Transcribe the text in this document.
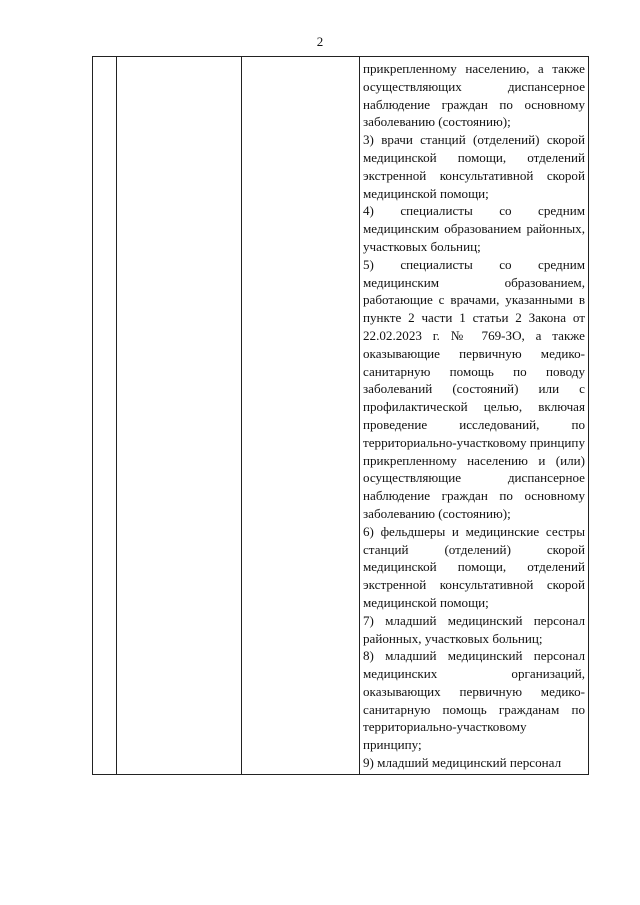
2

прикрепленному населению, а также осуществляющих диспансерное наблюдение граждан по основному заболеванию (состоянию);

3) врачи станций (отделений) скорой медицинской помощи, отделений экстренной консультативной скорой медицинской помощи;

4) специалисты со средним медицинским образованием районных, участковых больниц;

5) специалисты со средним медицинским образованием, работающие с врачами, указанными в пункте 2 части 1 статьи 2 Закона от 22.02.2023 г. № 769-ЗО, а также оказывающие первичную медико-санитарную помощь по поводу заболеваний (состояний) или с профилактической целью, включая проведение исследований, по территориально-участковому принципу прикрепленному населению и (или) осуществляющие диспансерное наблюдение граждан по основному заболеванию (состоянию);

6) фельдшеры и медицинские сестры станций (отделений) скорой медицинской помощи, отделений экстренной консультативной скорой медицинской помощи;

7) младший медицинский персонал районных, участковых больниц;

8) младший медицинский персонал медицинских организаций, оказывающих первичную медико-санитарную помощь гражданам по территориально-участковому принципу;

9) младший медицинский персонал
